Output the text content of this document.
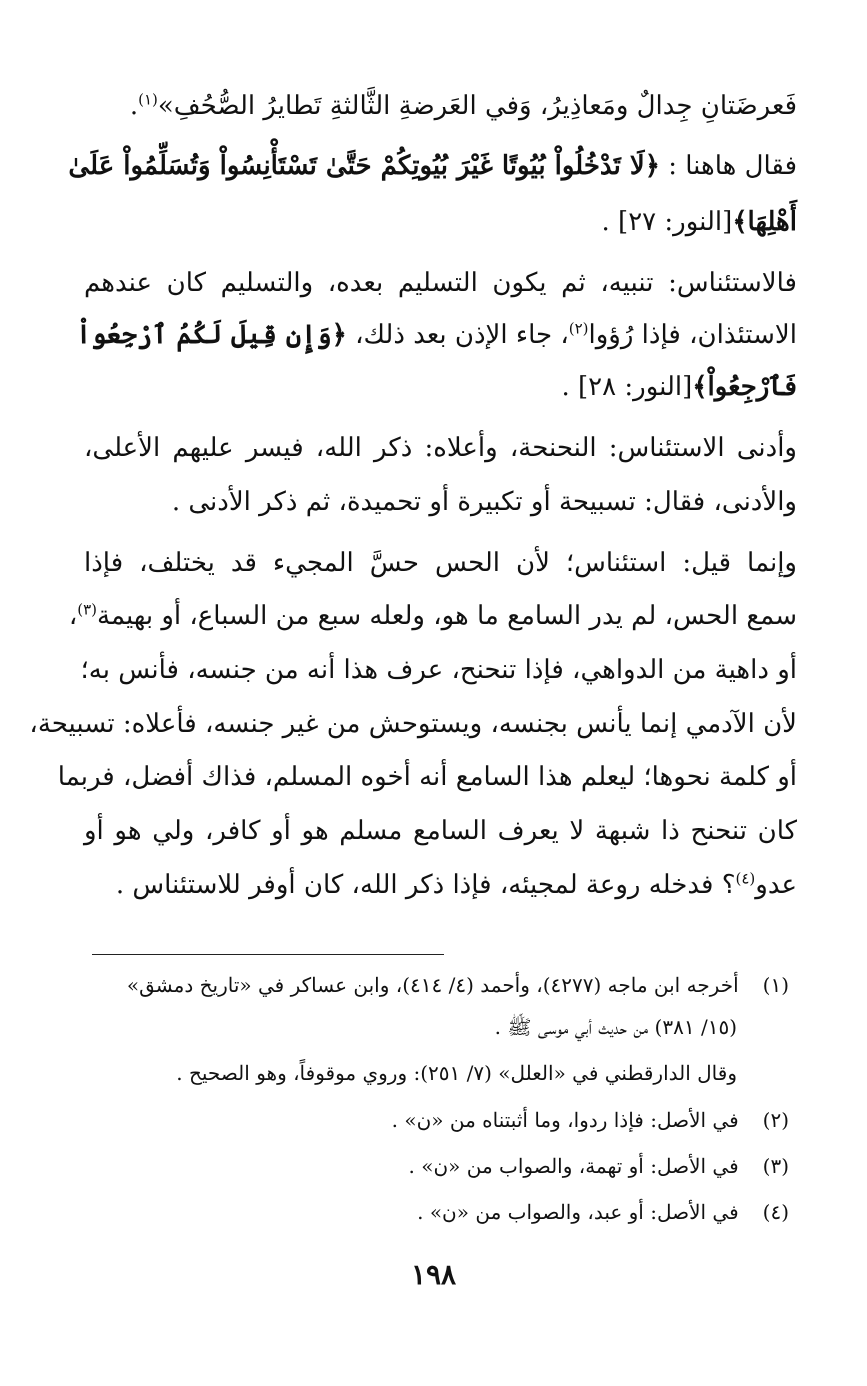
فَعرضَتانِ جِدالٌ ومَعاذِيرُ، وَفي العَرضةِ الثَّالثةِ تَطايرُ الصُّحُفِ»$^{(١)}$.
فقال هاهنا : ﴿لَا تَدْخُلُواْ بُيُوتًا غَيْرَ بُيُوتِكُمْ حَتَّىٰ تَسْتَأْنِسُواْ وَتُسَلِّمُواْ عَلَىٰ
أَهْلِهَا﴾[النور: ٢٧] .
فالاستئناس: تنبيه، ثم يكون التسليم بعده، والتسليم كان عندهم
الاستئذان، فإذا رُؤوا$^{(٢)}$، جاء الإذن بعد ذلك، ﴿وَإِن قِيلَ لَكُمُ ٱرْجِعُواْ
فَٱرْجِعُواْ﴾[النور: ٢٨] .
وأدنى الاستئناس: النحنحة، وأعلاه: ذكر الله، فيسر عليهم الأعلى،
والأدنى، فقال: تسبيحة أو تكبيرة أو تحميدة، ثم ذكر الأدنى .
وإنما قيل: استئناس؛ لأن الحس حسَّ المجيء قد يختلف، فإذا
سمع الحس، لم يدر السامع ما هو، ولعله سبع من السباع، أو بهيمة$^{(٣)}$،
أو داهية من الدواهي، فإذا تنحنح، عرف هذا أنه من جنسه، فأنس به؛
لأن الآدمي إنما يأنس بجنسه، ويستوحش من غير جنسه، فأعلاه: تسبيحة،
أو كلمة نحوها؛ ليعلم هذا السامع أنه أخوه المسلم، فذاك أفضل، فربما
كان تنحنح ذا شبهة لا يعرف السامع مسلم هو أو كافر، ولي هو أو
عدو$^{(٤)}$؟ فدخله روعة لمجيئه، فإذا ذكر الله، كان أوفر للاستئناس .
(١) أخرجه ابن ماجه (٤٢٧٧)، وأحمد (٤/ ٤١٤)، وابن عساكر في «تاريخ دمشق»
(١٥/ ٣٨١) من حديث أبي موسى ﷺ .
وقال الدارقطني في «العلل» (٧/ ٢٥١): وروي موقوفاً، وهو الصحيح .
(٢) في الأصل: فإذا ردوا، وما أثبتناه من «ن» .
(٣) في الأصل: أو تهمة، والصواب من «ن» .
(٤) في الأصل: أو عبد، والصواب من «ن» .
١٩٨
